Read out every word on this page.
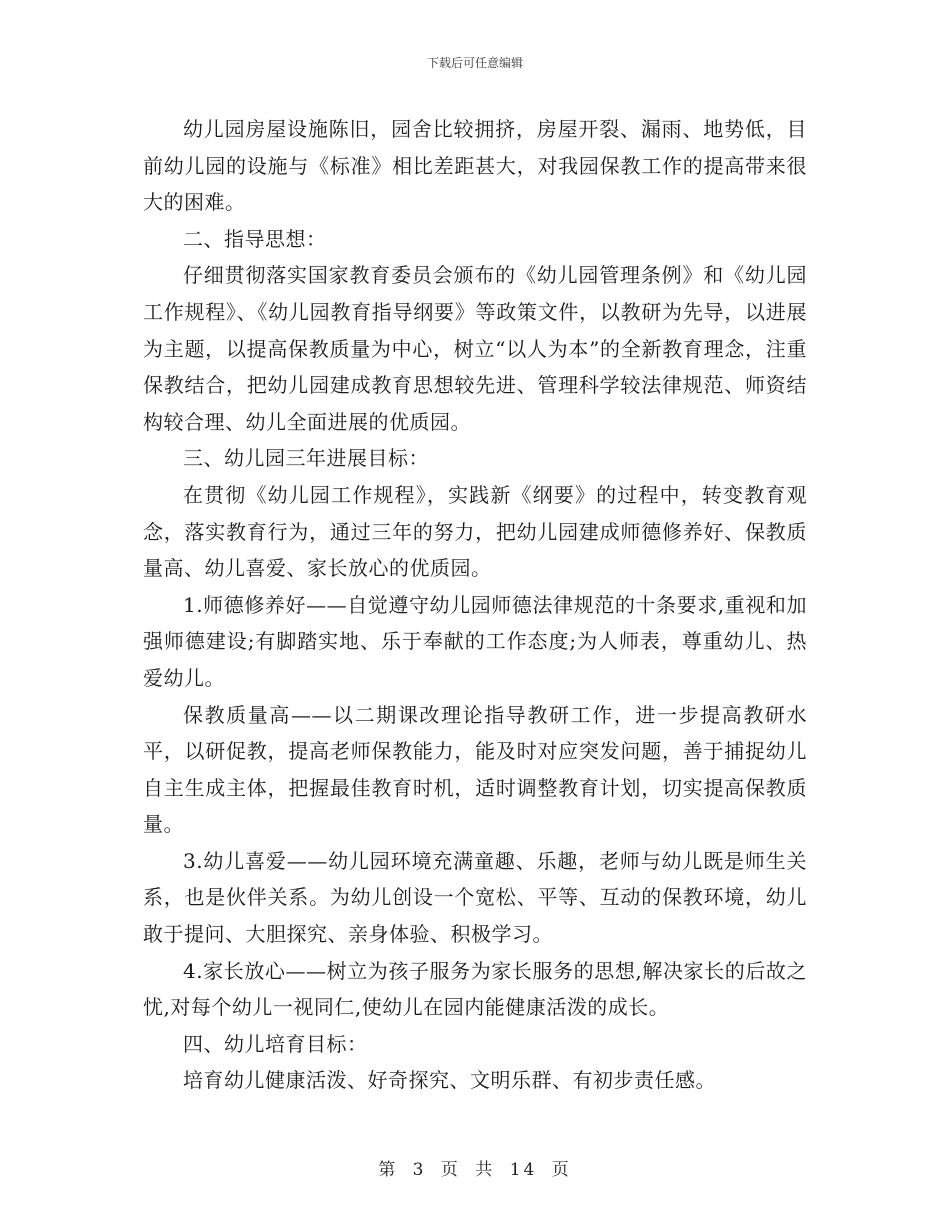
下载后可任意编辑

幼儿园房屋设施陈旧，园舍比较拥挤，房屋开裂、漏雨、地势低，目前幼儿园的设施与《标准》相比差距甚大，对我园保教工作的提高带来很大的困难。

二、指导思想：

仔细贯彻落实国家教育委员会颁布的《幼儿园管理条例》和《幼儿园工作规程》、《幼儿园教育指导纲要》等政策文件，以教研为先导，以进展为主题，以提高保教质量为中心，树立“以人为本”的全新教育理念，注重保教结合，把幼儿园建成教育思想较先进、管理科学较法律规范、师资结构较合理、幼儿全面进展的优质园。

三、幼儿园三年进展目标：

在贯彻《幼儿园工作规程》，实践新《纲要》的过程中，转变教育观念，落实教育行为，通过三年的努力，把幼儿园建成师德修养好、保教质量高、幼儿喜爱、家长放心的优质园。

1.师德修养好——自觉遵守幼儿园师德法律规范的十条要求,重视和加强师德建设;有脚踏实地、乐于奉献的工作态度;为人师表，尊重幼儿、热爱幼儿。

保教质量高——以二期课改理论指导教研工作，进一步提高教研水平，以研促教，提高老师保教能力，能及时对应突发问题，善于捕捉幼儿自主生成主体，把握最佳教育时机，适时调整教育计划，切实提高保教质量。

3.幼儿喜爱——幼儿园环境充满童趣、乐趣，老师与幼儿既是师生关系，也是伙伴关系。为幼儿创设一个宽松、平等、互动的保教环境，幼儿敢于提问、大胆探究、亲身体验、积极学习。

4.家长放心——树立为孩子服务为家长服务的思想,解决家长的后故之忧,对每个幼儿一视同仁,使幼儿在园内能健康活泼的成长。

四、幼儿培育目标：

培育幼儿健康活泼、好奇探究、文明乐群、有初步责任感。

第 3 页 共 14 页
